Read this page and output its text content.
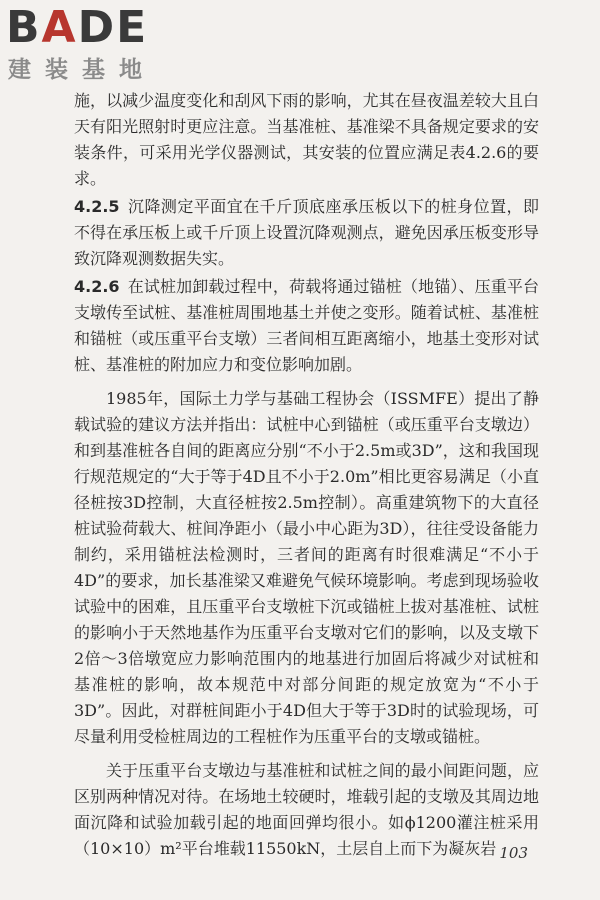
BADE
建装基地

施，以减少温度变化和刮风下雨的影响，尤其在昼夜温差较大且白天有阳光照射时更应注意。当基准桩、基准梁不具备规定要求的安装条件，可采用光学仪器测试，其安装的位置应满足表4.2.6的要求。

4.2.5 沉降测定平面宜在千斤顶底座承压板以下的桩身位置，即不得在承压板上或千斤顶上设置沉降观测点，避免因承压板变形导致沉降观测数据失实。

4.2.6 在试桩加卸载过程中，荷载将通过锚桩（地锚）、压重平台支墩传至试桩、基准桩周围地基土并使之变形。随着试桩、基准桩和锚桩（或压重平台支墩）三者间相互距离缩小，地基土变形对试桩、基准桩的附加应力和变位影响加剧。

1985年，国际土力学与基础工程协会（ISSMFE）提出了静载试验的建议方法并指出：试桩中心到锚桩（或压重平台支墩边）和到基准桩各自间的距离应分别“不小于2.5m或3D”，这和我国现行规范规定的“大于等于4D且不小于2.0m”相比更容易满足（小直径桩按3D控制，大直径桩按2.5m控制）。高重建筑物下的大直径桩试验荷载大、桩间净距小（最小中心距为3D），往往受设备能力制约，采用锚桩法检测时，三者间的距离有时很难满足“不小于4D”的要求，加长基准梁又难避免气候环境影响。考虑到现场验收试验中的困难，且压重平台支墩桩下沉或锚桩上拔对基准桩、试桩的影响小于天然地基作为压重平台支墩对它们的影响，以及支墩下2倍～3倍墩宽应力影响范围内的地基进行加固后将减少对试桩和基准桩的影响，故本规范中对部分间距的规定放宽为“不小于3D”。因此，对群桩间距小于4D但大于等于3D时的试验现场，可尽量利用受检桩周边的工程桩作为压重平台的支墩或锚桩。

关于压重平台支墩边与基准桩和试桩之间的最小间距问题，应区别两种情况对待。在场地土较硬时，堆载引起的支墩及其周边地面沉降和试验加载引起的地面回弹均很小。如ϕ1200灌注桩采用（10×10）m²平台堆载11550kN，土层自上而下为凝灰岩 103
